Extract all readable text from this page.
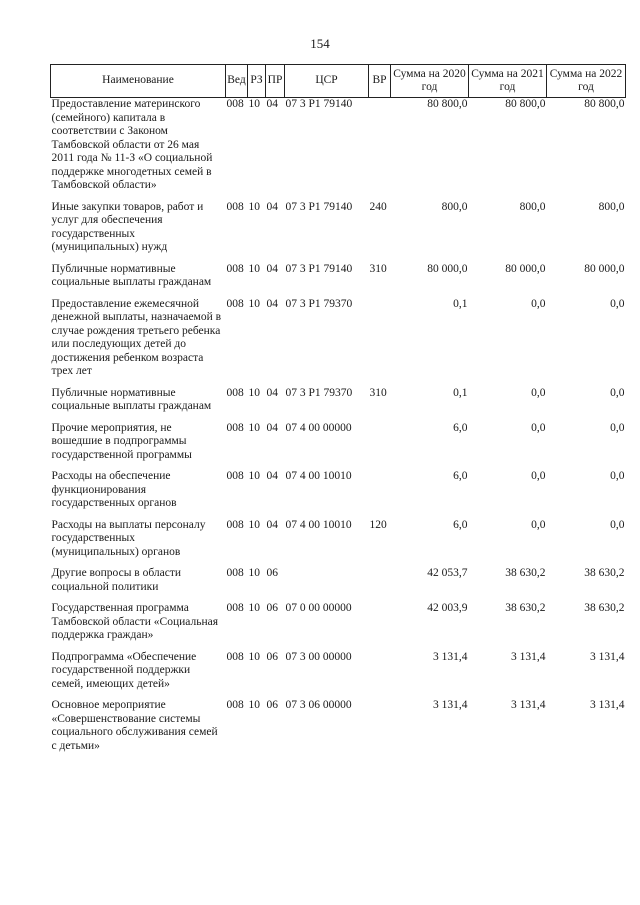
154
Наименование	Вед	РЗ	ПР	ЦСР	ВР	Сумма на 2020 год	Сумма на 2021 год	Сумма на 2022 год
Предоставление материнского (семейного) капитала в соответствии с Законом Тамбовской области от 26 мая 2011 года № 11-З «О социальной поддержке многодетных семей в Тамбовской области»	008	10	04	07 3 P1 79140		80 800,0	80 800,0	80 800,0
Иные закупки товаров, работ и услуг для обеспечения государственных (муниципальных) нужд	008	10	04	07 3 P1 79140	240	800,0	800,0	800,0
Публичные нормативные социальные выплаты гражданам	008	10	04	07 3 P1 79140	310	80 000,0	80 000,0	80 000,0
Предоставление ежемесячной денежной выплаты, назначаемой в случае рождения третьего ребенка или последующих детей до достижения ребенком возраста трех лет	008	10	04	07 3 P1 79370		0,1	0,0	0,0
Публичные нормативные социальные выплаты гражданам	008	10	04	07 3 P1 79370	310	0,1	0,0	0,0
Прочие мероприятия, не вошедшие в подпрограммы государственной программы	008	10	04	07 4 00 00000		6,0	0,0	0,0
Расходы на обеспечение функционирования государственных органов	008	10	04	07 4 00 10010		6,0	0,0	0,0
Расходы на выплаты персоналу государственных (муниципальных) органов	008	10	04	07 4 00 10010	120	6,0	0,0	0,0
Другие вопросы в области социальной политики	008	10	06			42 053,7	38 630,2	38 630,2
Государственная программа Тамбовской области «Социальная поддержка граждан»	008	10	06	07 0 00 00000		42 003,9	38 630,2	38 630,2
Подпрограмма «Обеспечение государственной поддержки семей, имеющих детей»	008	10	06	07 3 00 00000		3 131,4	3 131,4	3 131,4
Основное мероприятие «Совершенствование системы социального обслуживания семей с детьми»	008	10	06	07 3 06 00000		3 131,4	3 131,4	3 131,4
